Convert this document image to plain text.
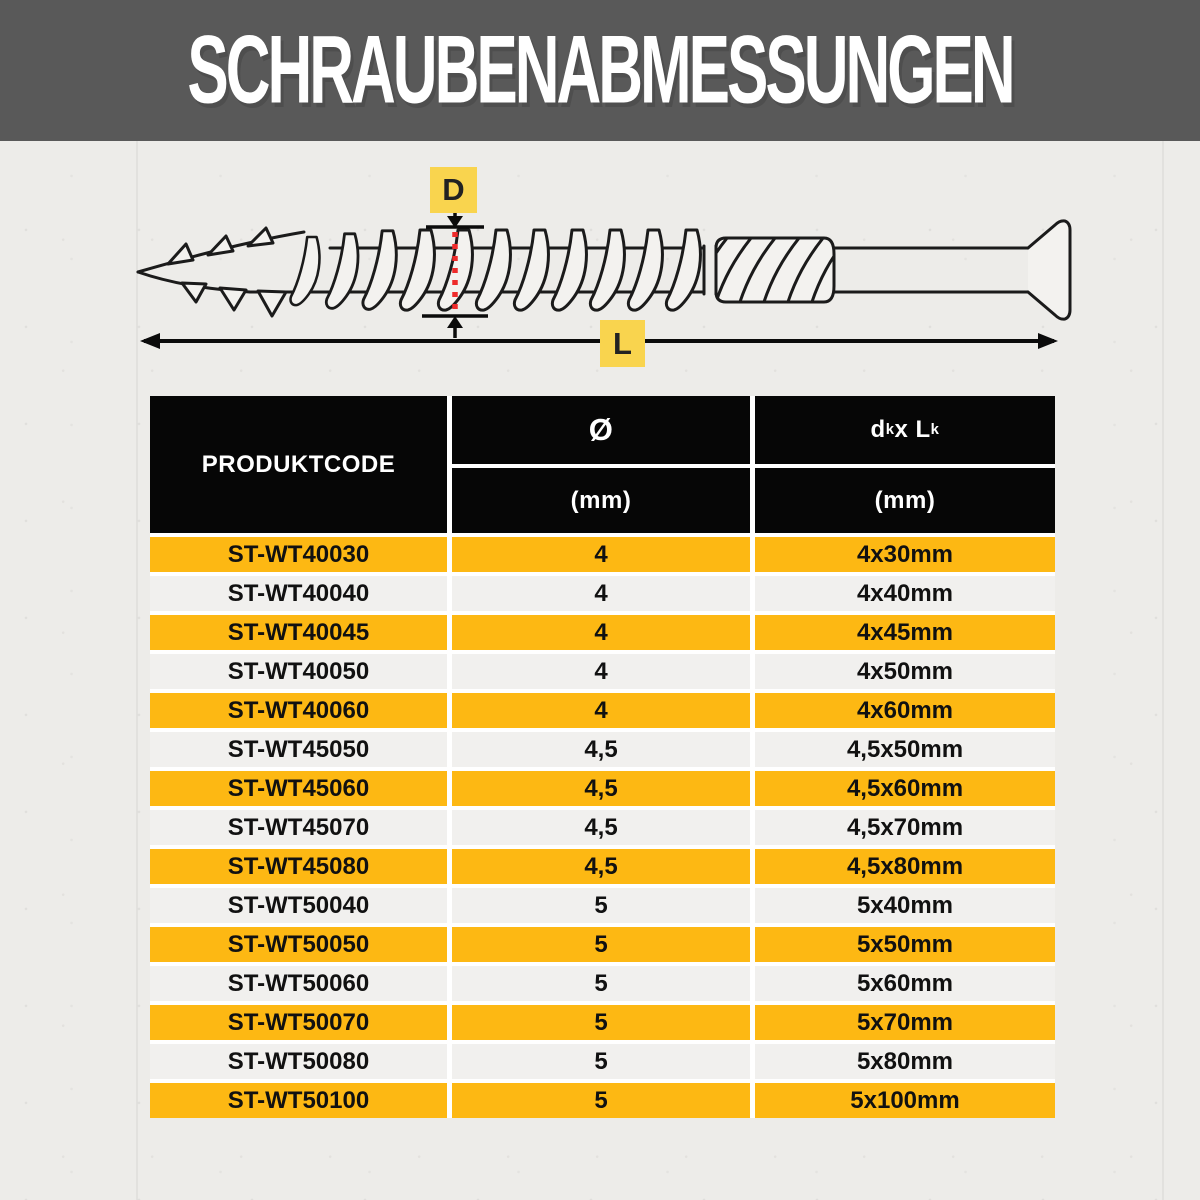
SCHRAUBENABMESSUNGEN
D
L
PRODUKTCODE
Ø	d k x L k
(mm)	(mm)
ST-WT40030	4	4x30mm
ST-WT40040	4	4x40mm
ST-WT40045	4	4x45mm
ST-WT40050	4	4x50mm
ST-WT40060	4	4x60mm
ST-WT45050	4,5	4,5x50mm
ST-WT45060	4,5	4,5x60mm
ST-WT45070	4,5	4,5x70mm
ST-WT45080	4,5	4,5x80mm
ST-WT50040	5	5x40mm
ST-WT50050	5	5x50mm
ST-WT50060	5	5x60mm
ST-WT50070	5	5x70mm
ST-WT50080	5	5x80mm
ST-WT50100	5	5x100mm
